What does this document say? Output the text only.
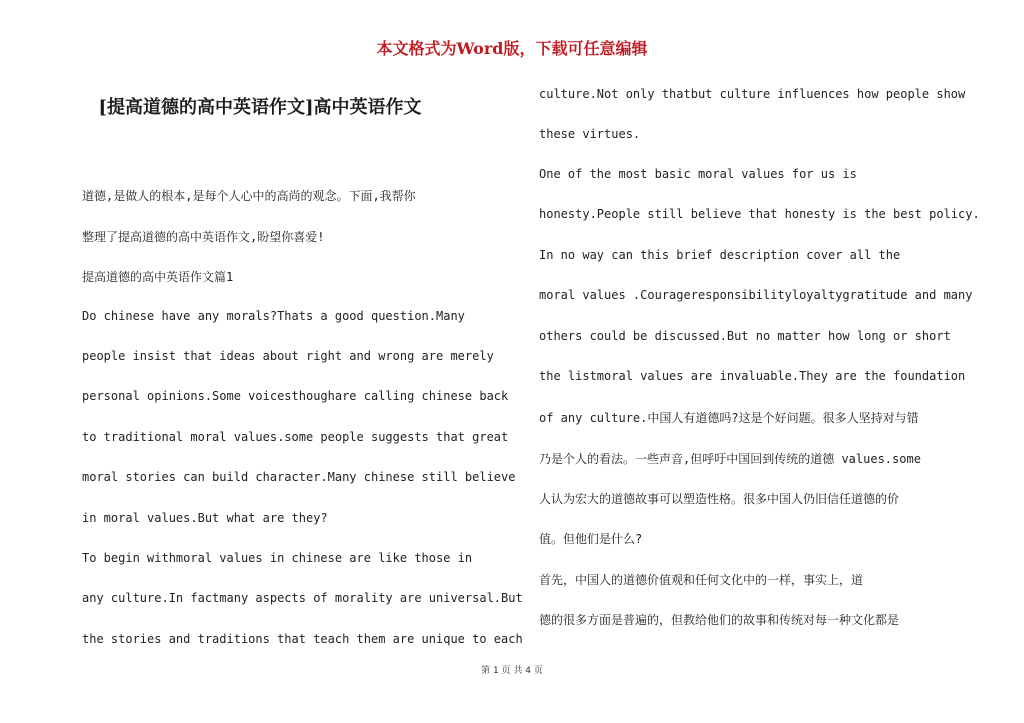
本文格式为Word版，下载可任意编辑
[提高道德的高中英语作文]高中英语作文

道德,是做人的根本,是每个人心中的高尚的观念。下面,我帮你

整理了提高道德的高中英语作文,盼望你喜爱!

提高道德的高中英语作文篇1

Do chinese have any morals?Thats a good question.Many

people insist that ideas about right and wrong are merely

personal opinions.Some voicesthoughare calling chinese back

to traditional moral values.some people suggests that great

moral stories can build character.Many chinese still believe

in moral values.But what are they?

To begin withmoral values in chinese are like those in

any culture.In factmany aspects of morality are universal.But

the stories and traditions that teach them are unique to each

culture.Not only thatbut culture influences how people show

these virtues.

One of the most basic moral values for us is

honesty.People still believe that honesty is the best policy.

In no way can this brief description cover all the

moral values .Courageresponsibilityloyaltygratitude and many

others could be discussed.But no matter how long or short

the listmoral values are invaluable.They are the foundation

of any culture.中国人有道德吗?这是个好问题。很多人坚持对与错

乃是个人的看法。一些声音,但呼吁中国回到传统的道德 values.some

人认为宏大的道德故事可以塑造性格。很多中国人仍旧信任道德的价

值。但他们是什么?

首先，中国人的道德价值观和任何文化中的一样，事实上，道

德的很多方面是普遍的，但教给他们的故事和传统对每一种文化都是

第 1 页 共 4 页
